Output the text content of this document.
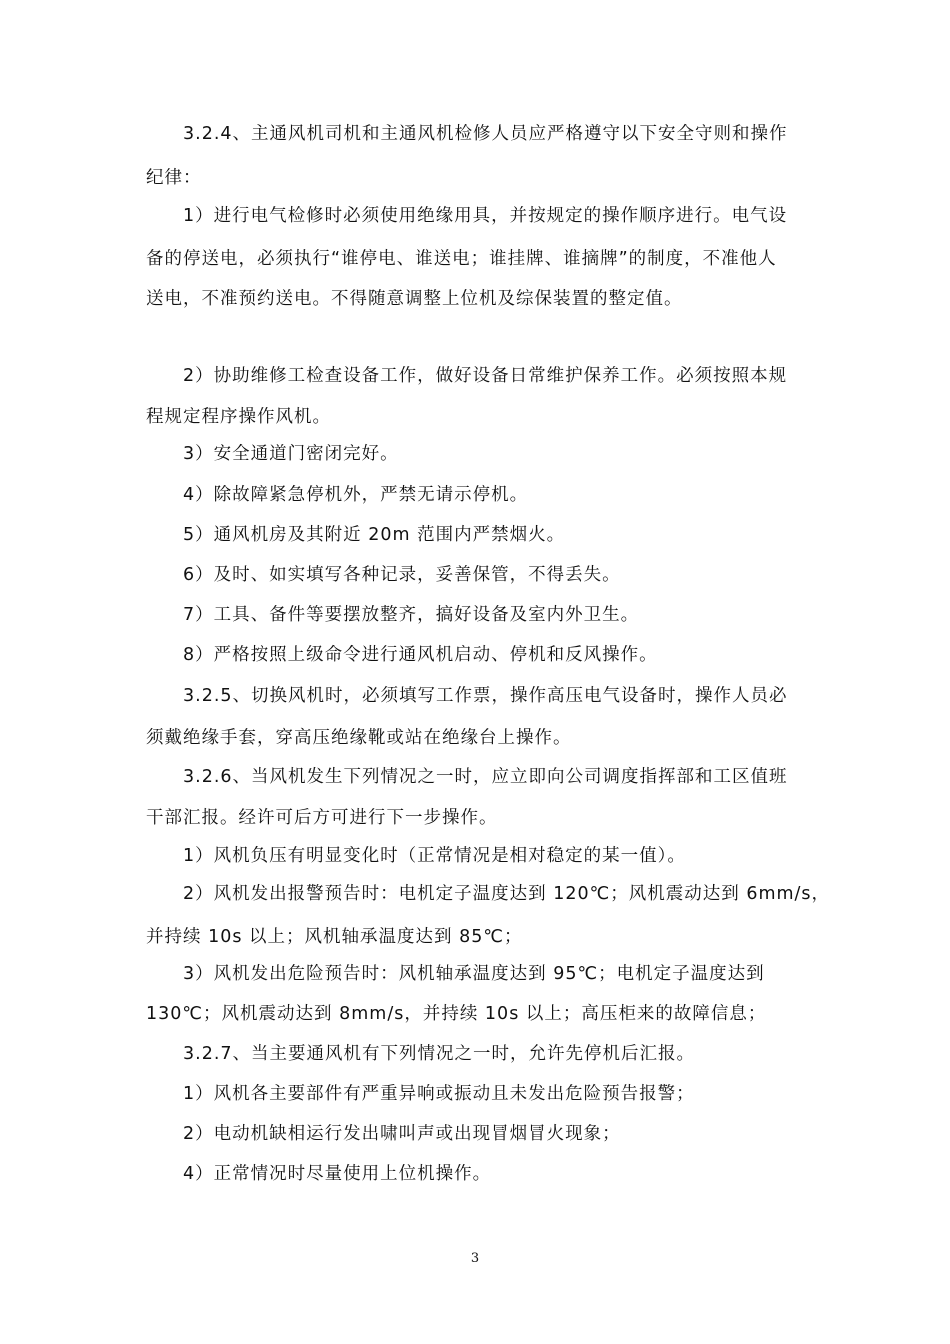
3.2.4、主通风机司机和主通风机检修人员应严格遵守以下安全守则和操作
纪律：
1）进行电气检修时必须使用绝缘用具，并按规定的操作顺序进行。电气设
备的停送电，必须执行“谁停电、谁送电；谁挂牌、谁摘牌”的制度，不准他人
送电，不准预约送电。不得随意调整上位机及综保装置的整定值。
2）协助维修工检查设备工作，做好设备日常维护保养工作。必须按照本规
程规定程序操作风机。
3）安全通道门密闭完好。
4）除故障紧急停机外，严禁无请示停机。
5）通风机房及其附近 20m 范围内严禁烟火。
6）及时、如实填写各种记录，妥善保管，不得丢失。
7）工具、备件等要摆放整齐，搞好设备及室内外卫生。
8）严格按照上级命令进行通风机启动、停机和反风操作。
3.2.5、切换风机时，必须填写工作票，操作高压电气设备时，操作人员必
须戴绝缘手套，穿高压绝缘靴或站在绝缘台上操作。
3.2.6、当风机发生下列情况之一时，应立即向公司调度指挥部和工区值班
干部汇报。经许可后方可进行下一步操作。
1）风机负压有明显变化时（正常情况是相对稳定的某一值）。
2）风机发出报警预告时：电机定子温度达到 120℃；风机震动达到 6mm/s，
并持续 10s 以上；风机轴承温度达到 85℃；
3）风机发出危险预告时：风机轴承温度达到 95℃；电机定子温度达到
130℃；风机震动达到 8mm/s，并持续 10s 以上；高压柜来的故障信息；
3.2.7、当主要通风机有下列情况之一时，允许先停机后汇报。
1）风机各主要部件有严重异响或振动且未发出危险预告报警；
2）电动机缺相运行发出啸叫声或出现冒烟冒火现象；
4）正常情况时尽量使用上位机操作。
3
